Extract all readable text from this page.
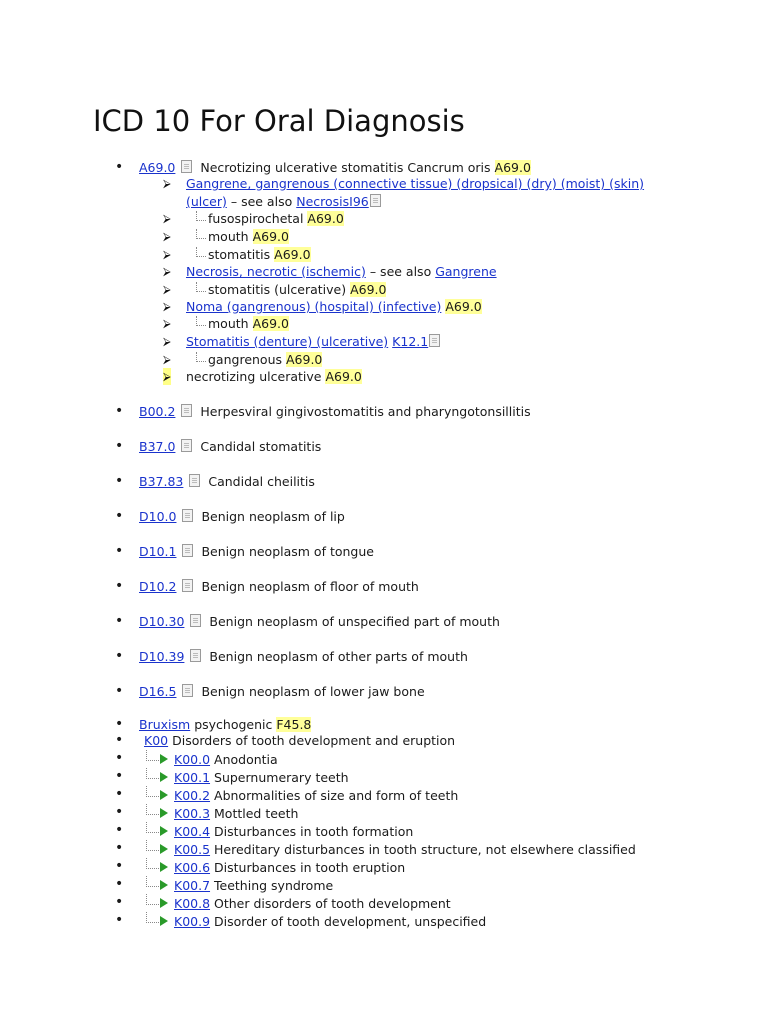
ICD 10 For Oral Diagnosis
•
A69.0 Necrotizing ulcerative stomatitis Cancrum oris A69.0
⮚
Gangrene, gangrenous (connective tissue) (dropsical) (dry) (moist) (skin)
(ulcer) – see also NecrosisI96
⮚
fusospirochetal A69.0
⮚
mouth A69.0
⮚
stomatitis A69.0
⮚
Necrosis, necrotic (ischemic) – see also Gangrene
⮚
stomatitis (ulcerative) A69.0
⮚
Noma (gangrenous) (hospital) (infective) A69.0
⮚
mouth A69.0
⮚
Stomatitis (denture) (ulcerative) K12.1
⮚
gangrenous A69.0
⮚
necrotizing ulcerative A69.0
•
B00.2 Herpesviral gingivostomatitis and pharyngotonsillitis
•
B37.0 Candidal stomatitis
•
B37.83 Candidal cheilitis
•
D10.0 Benign neoplasm of lip
•
D10.1 Benign neoplasm of tongue
•
D10.2 Benign neoplasm of floor of mouth
•
D10.30 Benign neoplasm of unspecified part of mouth
•
D10.39 Benign neoplasm of other parts of mouth
•
D16.5 Benign neoplasm of lower jaw bone
•
Bruxism psychogenic F45.8
•
K00 Disorders of tooth development and eruption
•
K00.0 Anodontia
•
K00.1 Supernumerary teeth
•
K00.2 Abnormalities of size and form of teeth
•
K00.3 Mottled teeth
•
K00.4 Disturbances in tooth formation
•
K00.5 Hereditary disturbances in tooth structure, not elsewhere classified
•
K00.6 Disturbances in tooth eruption
•
K00.7 Teething syndrome
•
K00.8 Other disorders of tooth development
•
K00.9 Disorder of tooth development, unspecified
